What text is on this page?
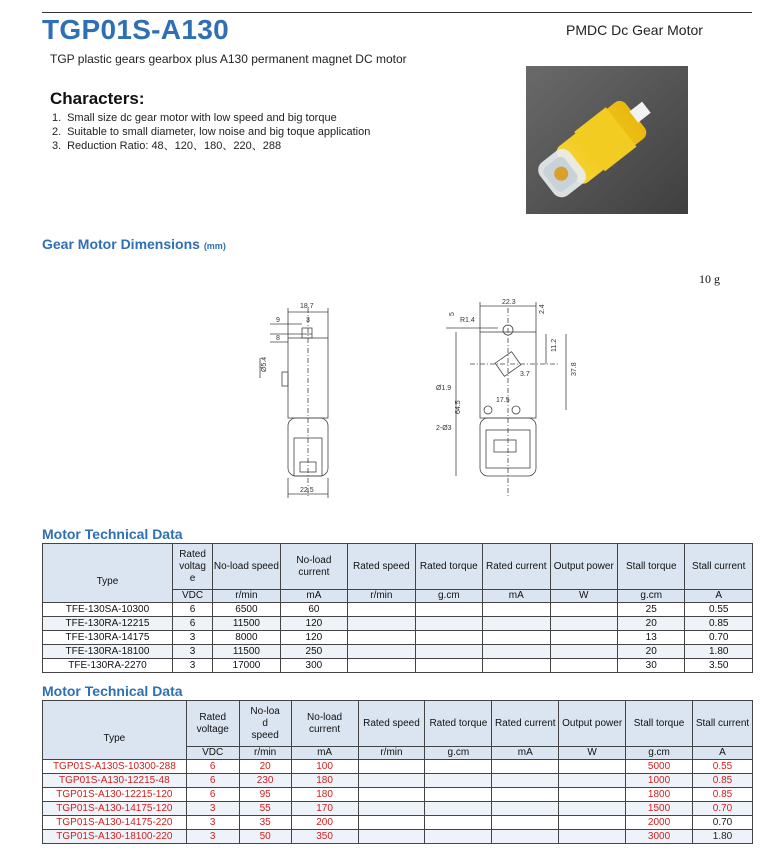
TGP01S-A130	PMDC Dc Gear Motor
TGP plastic gears gearbox plus A130 permanent magnet DC motor
Characters:
1. Small size dc gear motor with low speed and big torque
2. Suitable to small diameter, low noise and big toque application
3. Reduction Ratio: 48、120、180、220、288
Gear Motor Dimensions (mm)
10 g
18.7
9	3
8
Ø5.4
22.5
22.3
2.4
5
R1.4
11.2
37.8
3.7
Ø1.9
17.5
64.5
2-Ø3
Motor Technical Data
Type	Rated
voltag
e	No-load speed	No-load current	Rated speed	Rated torque	Rated current	Output power	Stall torque	Stall current
	VDC	r/min	mA	r/min	g.cm	mA	W	g.cm	A
TFE-130SA-10300	6	6500	60					25	0.55
TFE-130RA-12215	6	11500	120					20	0.85
TFE-130RA-14175	3	8000	120					13	0.70
TFE-130RA-18100	3	11500	250					20	1.80
TFE-130RA-2270	3	17000	300					30	3.50
Motor Technical Data
Type	Rated
voltage	No-loa
d
speed	No-load current	Rated speed	Rated torque	Rated current	Output power	Stall torque	Stall current
	VDC	r/min	mA	r/min	g.cm	mA	W	g.cm	A
TGP01S-A130S-10300-288	6	20	100					5000	0.55
TGP01S-A130-12215-48	6	230	180					1000	0.85
TGP01S-A130-12215-120	6	95	180					1800	0.85
TGP01S-A130-14175-120	3	55	170					1500	0.70
TGP01S-A130-14175-220	3	35	200					2000	0.70
TGP01S-A130-18100-220	3	50	350					3000	1.80
